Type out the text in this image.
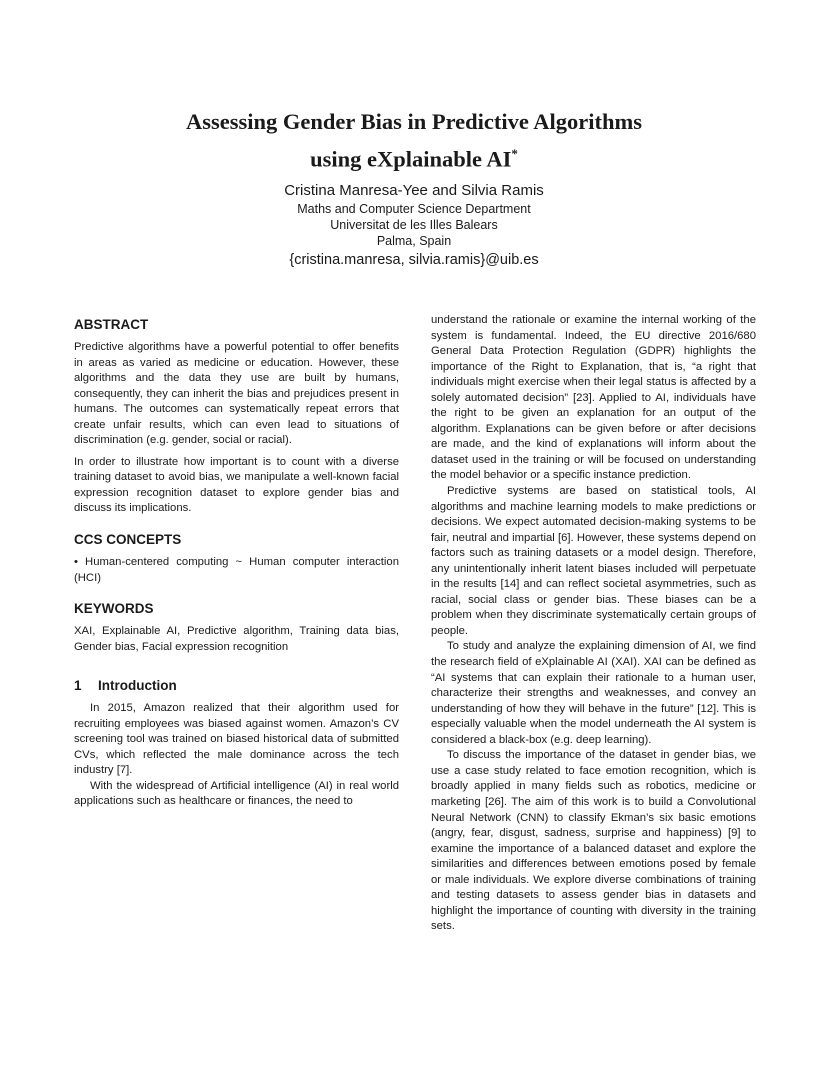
Assessing Gender Bias in Predictive Algorithms
using eXplainable AI*
Cristina Manresa-Yee and Silvia Ramis
Maths and Computer Science Department
Universitat de les Illes Balears
Palma, Spain
{cristina.manresa, silvia.ramis}@uib.es
ABSTRACT

Predictive algorithms have a powerful potential to offer benefits in areas as varied as medicine or education. However, these algorithms and the data they use are built by humans, consequently, they can inherit the bias and prejudices present in humans. The outcomes can systematically repeat errors that create unfair results, which can even lead to situations of discrimination (e.g. gender, social or racial).

In order to illustrate how important is to count with a diverse training dataset to avoid bias, we manipulate a well-known facial expression recognition dataset to explore gender bias and discuss its implications.

CCS CONCEPTS

• Human-centered computing ~ Human computer interaction (HCI)

KEYWORDS

XAI, Explainable AI, Predictive algorithm, Training data bias, Gender bias, Facial expression recognition

1 Introduction

In 2015, Amazon realized that their algorithm used for recruiting employees was biased against women. Amazon’s CV screening tool was trained on biased historical data of submitted CVs, which reflected the male dominance across the tech industry [7].

With the widespread of Artificial intelligence (AI) in real world applications such as healthcare or finances, the need to

understand the rationale or examine the internal working of the system is fundamental. Indeed, the EU directive 2016/680 General Data Protection Regulation (GDPR) highlights the importance of the Right to Explanation, that is, “a right that individuals might exercise when their legal status is affected by a solely automated decision” [23]. Applied to AI, individuals have the right to be given an explanation for an output of the algorithm. Explanations can be given before or after decisions are made, and the kind of explanations will inform about the dataset used in the training or will be focused on understanding the model behavior or a specific instance prediction.

Predictive systems are based on statistical tools, AI algorithms and machine learning models to make predictions or decisions. We expect automated decision-making systems to be fair, neutral and impartial [6]. However, these systems depend on factors such as training datasets or a model design. Therefore, any unintentionally inherit latent biases included will perpetuate in the results [14] and can reflect societal asymmetries, such as racial, social class or gender bias. These biases can be a problem when they discriminate systematically certain groups of people.

To study and analyze the explaining dimension of AI, we find the research field of eXplainable AI (XAI). XAI can be defined as “AI systems that can explain their rationale to a human user, characterize their strengths and weaknesses, and convey an understanding of how they will behave in the future” [12]. This is especially valuable when the model underneath the AI system is considered a black-box (e.g. deep learning).

To discuss the importance of the dataset in gender bias, we use a case study related to face emotion recognition, which is broadly applied in many fields such as robotics, medicine or marketing [26]. The aim of this work is to build a Convolutional Neural Network (CNN) to classify Ekman’s six basic emotions (angry, fear, disgust, sadness, surprise and happiness) [9] to examine the importance of a balanced dataset and explore the similarities and differences between emotions posed by female or male individuals. We explore diverse combinations of training and testing datasets to assess gender bias in datasets and highlight the importance of counting with diversity in the training sets.
